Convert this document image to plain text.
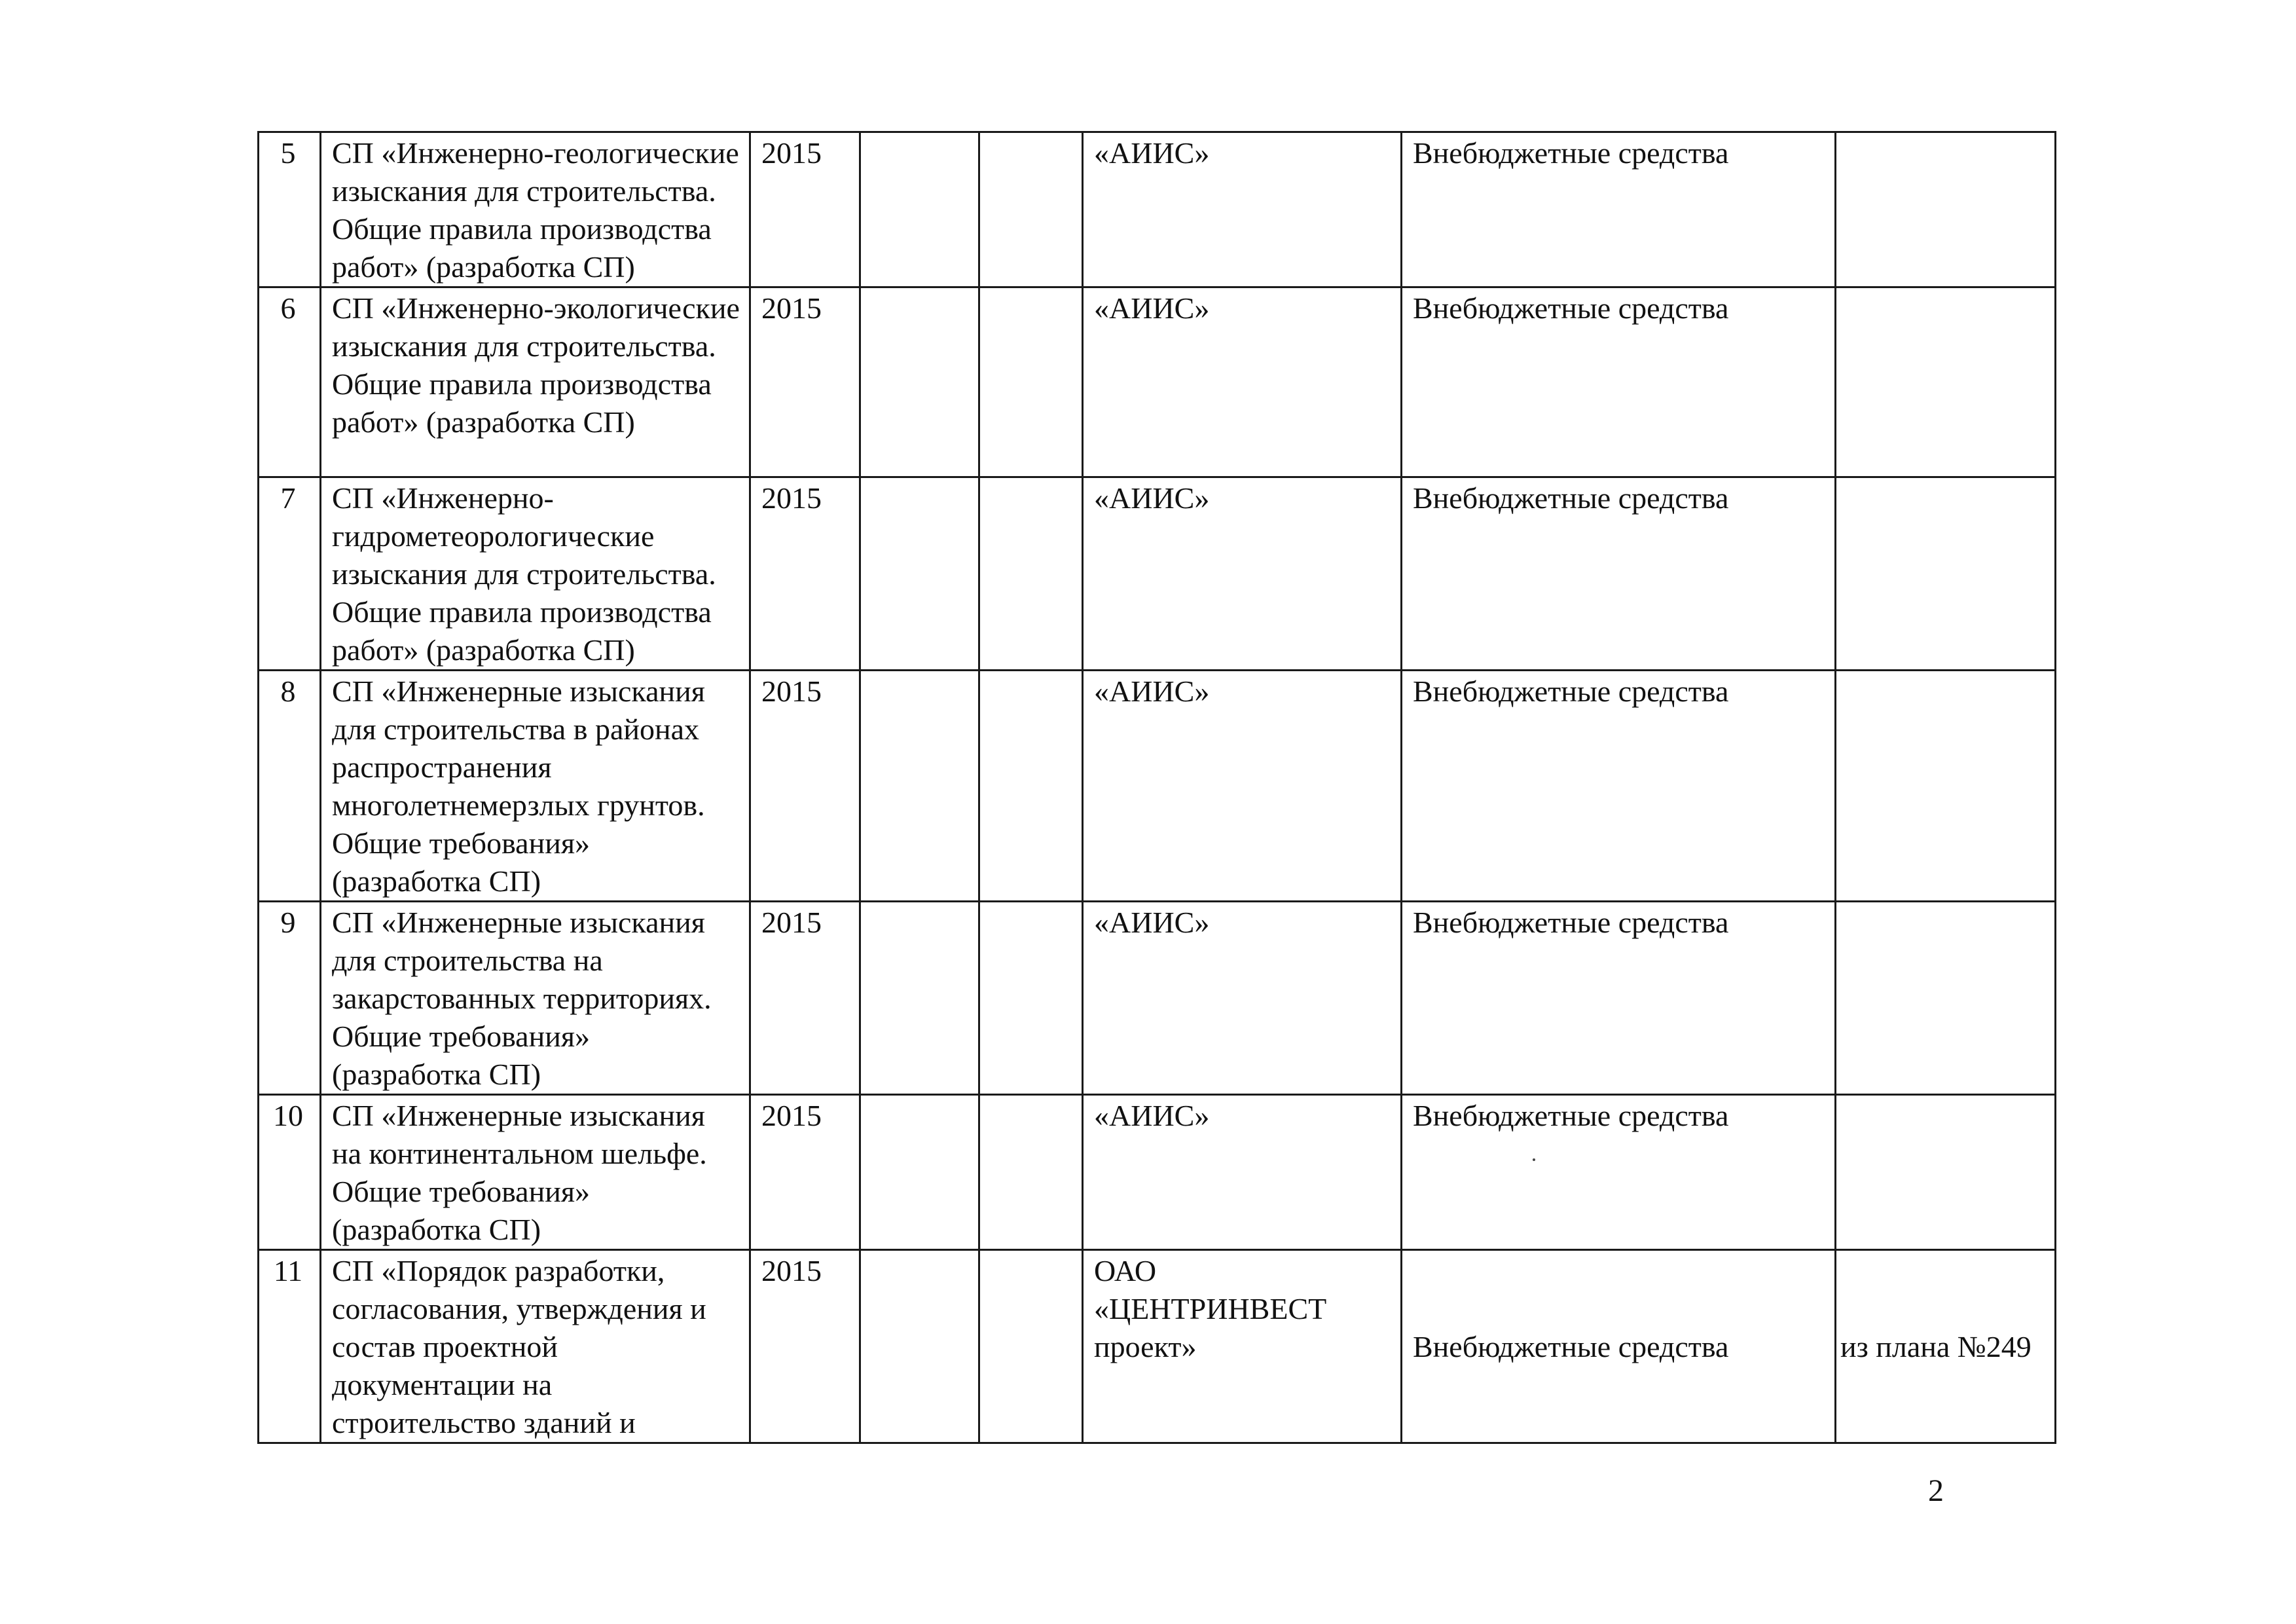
5	СП «Инженерно-геологические изыскания для строительства. Общие правила производства работ» (разработка СП)	2015			«АИИС»	Внебюджетные средства	
6	СП «Инженерно-экологические изыскания для строительства. Общие правила производства работ» (разработка СП)	2015			«АИИС»	Внебюджетные средства	
7	СП «Инженерно-гидрометеорологические изыскания для строительства. Общие правила производства работ» (разработка СП)	2015			«АИИС»	Внебюджетные средства	
8	СП «Инженерные изыскания для строительства в районах распространения многолетнемерзлых грунтов. Общие требования» (разработка СП)	2015			«АИИС»	Внебюджетные средства	
9	СП «Инженерные изыскания для строительства на закарстованных территориях. Общие требования» (разработка СП)	2015			«АИИС»	Внебюджетные средства	
10	СП «Инженерные изыскания на континентальном шельфе. Общие требования» (разработка СП)	2015			«АИИС»	Внебюджетные средства	
11	СП «Порядок разработки, согласования, утверждения и состав проектной документации на строительство зданий и	2015			ОАО «ЦЕНТРИНВЕСТ проект»	Внебюджетные средства	из плана №249
2
